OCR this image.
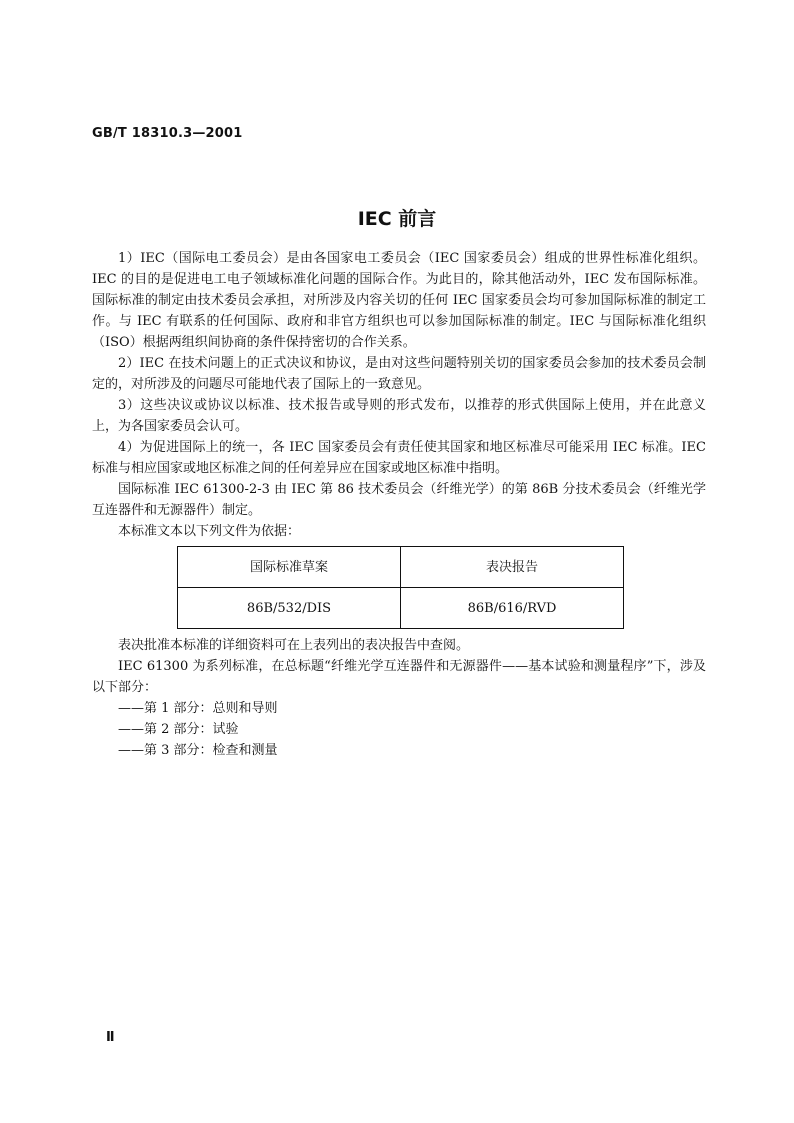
GB/T 18310.3—2001
IEC 前言

1）IEC（国际电工委员会）是由各国家电工委员会（IEC 国家委员会）组成的世界性标准化组织。IEC 的目的是促进电工电子领域标准化问题的国际合作。为此目的，除其他活动外，IEC 发布国际标准。国际标准的制定由技术委员会承担，对所涉及内容关切的任何 IEC 国家委员会均可参加国际标准的制定工作。与 IEC 有联系的任何国际、政府和非官方组织也可以参加国际标准的制定。IEC 与国际标准化组织（ISO）根据两组织间协商的条件保持密切的合作关系。

2）IEC 在技术问题上的正式决议和协议，是由对这些问题特别关切的国家委员会参加的技术委员会制定的，对所涉及的问题尽可能地代表了国际上的一致意见。

3）这些决议或协议以标准、技术报告或导则的形式发布，以推荐的形式供国际上使用，并在此意义上，为各国家委员会认可。

4）为促进国际上的统一，各 IEC 国家委员会有责任使其国家和地区标准尽可能采用 IEC 标准。IEC 标准与相应国家或地区标准之间的任何差异应在国家或地区标准中指明。

国际标准 IEC 61300-2-3 由 IEC 第 86 技术委员会（纤维光学）的第 86B 分技术委员会（纤维光学互连器件和无源器件）制定。

本标准文本以下列文件为依据：

国际标准草案	表决报告
86B/532/DIS	86B/616/RVD

表决批准本标准的详细资料可在上表列出的表决报告中查阅。

IEC 61300 为系列标准，在总标题“纤维光学互连器件和无源器件——基本试验和测量程序”下，涉及以下部分：

——第 1 部分：总则和导则

——第 2 部分：试验

——第 3 部分：检查和测量

Ⅱ
